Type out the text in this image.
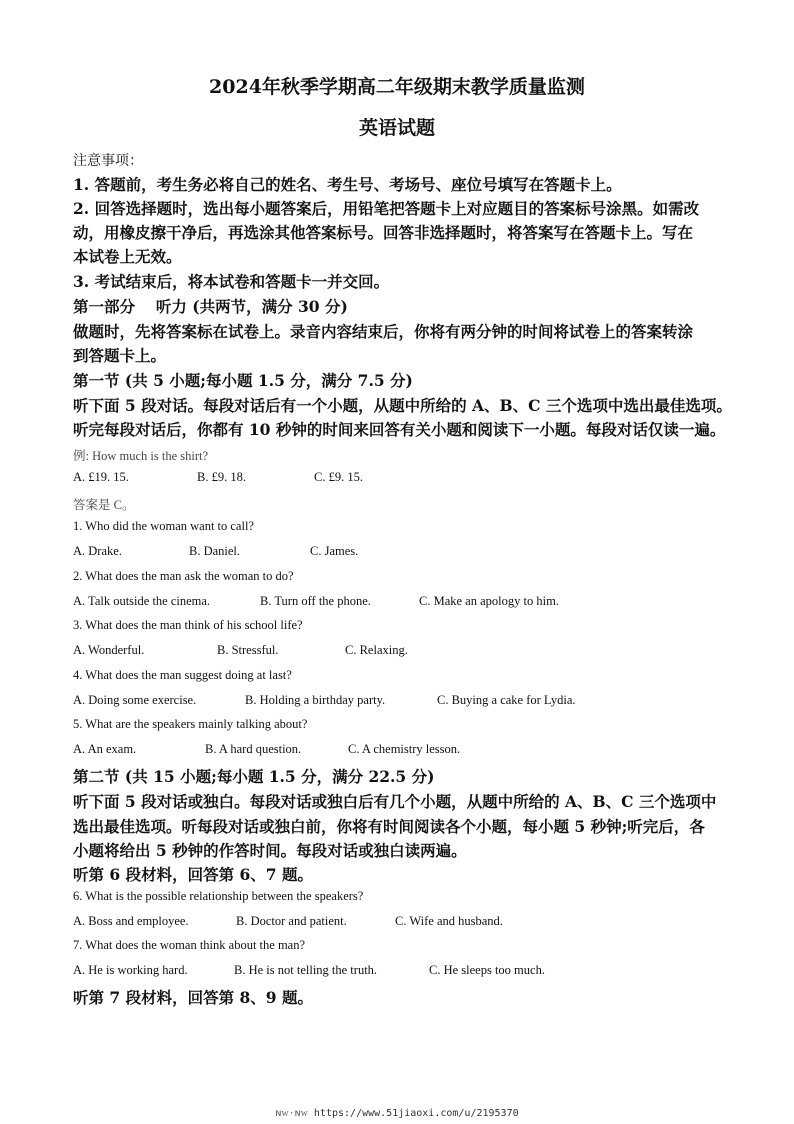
2024年秋季学期高二年级期末教学质量监测
英语试题
注意事项：
1. 答题前，考生务必将自己的姓名、考生号、考场号、座位号填写在答题卡上。
2. 回答选择题时，选出每小题答案后，用铅笔把答题卡上对应题目的答案标号涂黑。如需改
动，用橡皮擦干净后，再选涂其他答案标号。回答非选择题时，将答案写在答题卡上。写在
本试卷上无效。
3. 考试结束后，将本试卷和答题卡一并交回。
第一部分　 听力 (共两节，满分 30 分)
做题时，先将答案标在试卷上。录音内容结束后，你将有两分钟的时间将试卷上的答案转涂
到答题卡上。
第一节 (共 5 小题;每小题 1.5 分，满分 7.5 分)
听下面 5 段对话。每段对话后有一个小题，从题中所给的 A、B、C 三个选项中选出最佳选项。
听完每段对话后，你都有 10 秒钟的时间来回答有关小题和阅读下一小题。每段对话仅读一遍。
例: How much is the shirt?
A. £19. 15.	B. £9. 18.	C. £9. 15.
答案是 C。
1. Who did the woman want to call?
A. Drake.	B. Daniel.	C. James.
2. What does the man ask the woman to do?
A. Talk outside the cinema.	B. Turn off the phone.	C. Make an apology to him.
3. What does the man think of his school life?
A. Wonderful.	B. Stressful.	C. Relaxing.
4. What does the man suggest doing at last?
A. Doing some exercise.	B. Holding a birthday party.	C. Buying a cake for Lydia.
5. What are the speakers mainly talking about?
A. An exam.	B. A hard question.	C. A chemistry lesson.
第二节 (共 15 小题;每小题 1.5 分，满分 22.5 分)
听下面 5 段对话或独白。每段对话或独白后有几个小题，从题中所给的 A、B、C 三个选项中
选出最佳选项。听每段对话或独白前，你将有时间阅读各个小题，每小题 5 秒钟;听完后，各
小题将给出 5 秒钟的作答时间。每段对话或独白读两遍。
听第 6 段材料，回答第 6、7 题。
6. What is the possible relationship between the speakers?
A. Boss and employee.	B. Doctor and patient.	C. Wife and husband.
7. What does the woman think about the man?
A. He is working hard.	B. He is not telling the truth.	C. He sleeps too much.
听第 7 段材料，回答第 8、9 题。
ɴᴡ·ɴᴡ https://www.51jiaoxi.com/u/2195370
